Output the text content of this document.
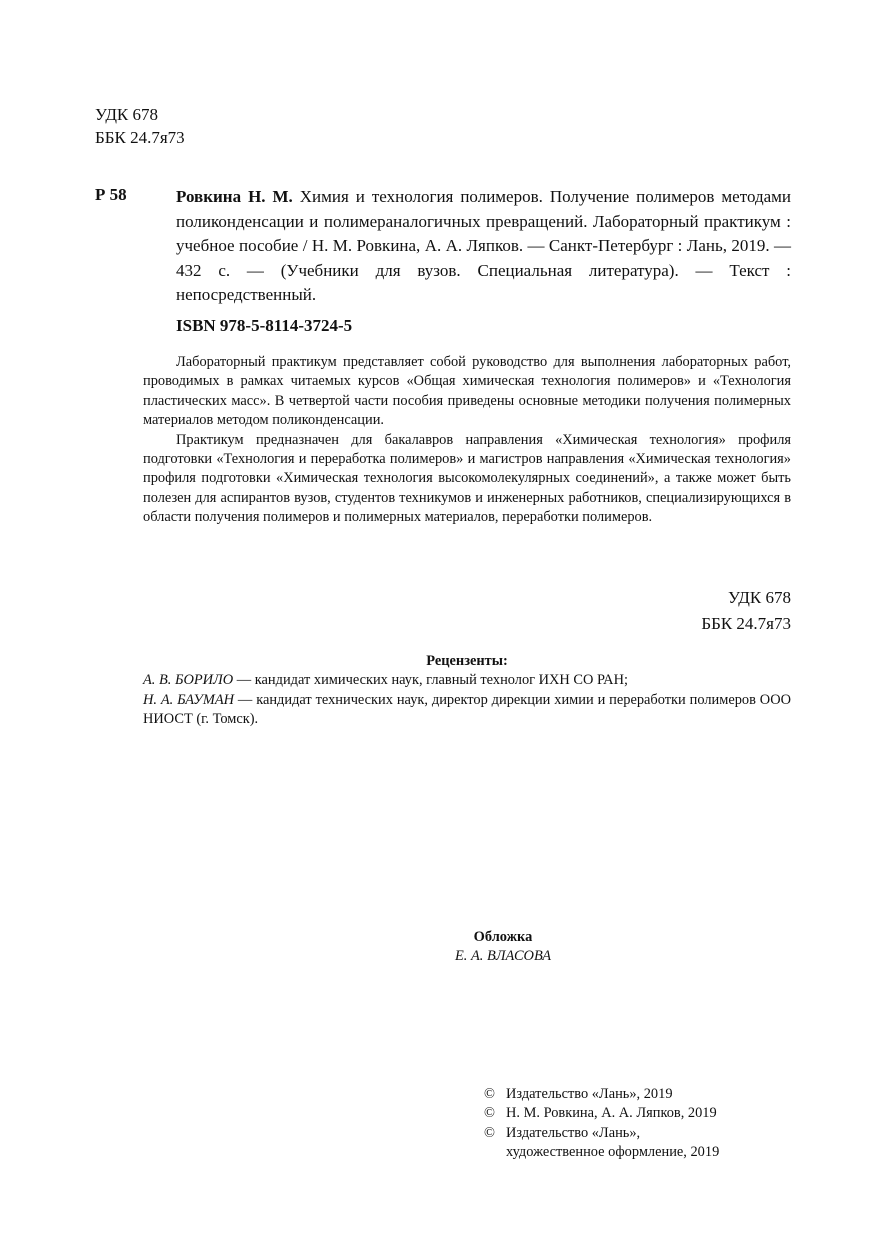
УДК 678
ББК 24.7я73
Р 58	Ровкина Н. М. Химия и технология полимеров. Получение полимеров методами поликонденсации и полимераналогичных превращений. Лабораторный практикум : учебное пособие / Н. М. Ровкина, А. А. Ляпков. — Санкт-Петербург : Лань, 2019. — 432 с. — (Учебники для вузов. Специальная литература). — Текст : непосредственный.
ISBN 978-5-8114-3724-5

Лабораторный практикум представляет собой руководство для выполнения лабораторных работ, проводимых в рамках читаемых курсов «Общая химическая технология полимеров» и «Технология пластических масс». В четвертой части пособия приведены основные методики получения полимерных материалов методом поликонденсации.

Практикум предназначен для бакалавров направления «Химическая технология» профиля подготовки «Технология и переработка полимеров» и магистров направления «Химическая технология» профиля подготовки «Химическая технология высокомолекулярных соединений», а также может быть полезен для аспирантов вузов, студентов техникумов и инженерных работников, специализирующихся в области получения полимеров и полимерных материалов, переработки полимеров.

УДК 678
ББК 24.7я73
Рецензенты:

А. В. БОРИЛО — кандидат химических наук, главный технолог ИХН СО РАН;

Н. А. БАУМАН — кандидат технических наук, директор дирекции химии и переработки полимеров ООО НИОСТ (г. Томск).

Обложка
Е. А. ВЛАСОВА
© Издательство «Лань», 2019
© Н. М. Ровкина, А. А. Ляпков, 2019
© Издательство «Лань»,
художественное оформление, 2019
